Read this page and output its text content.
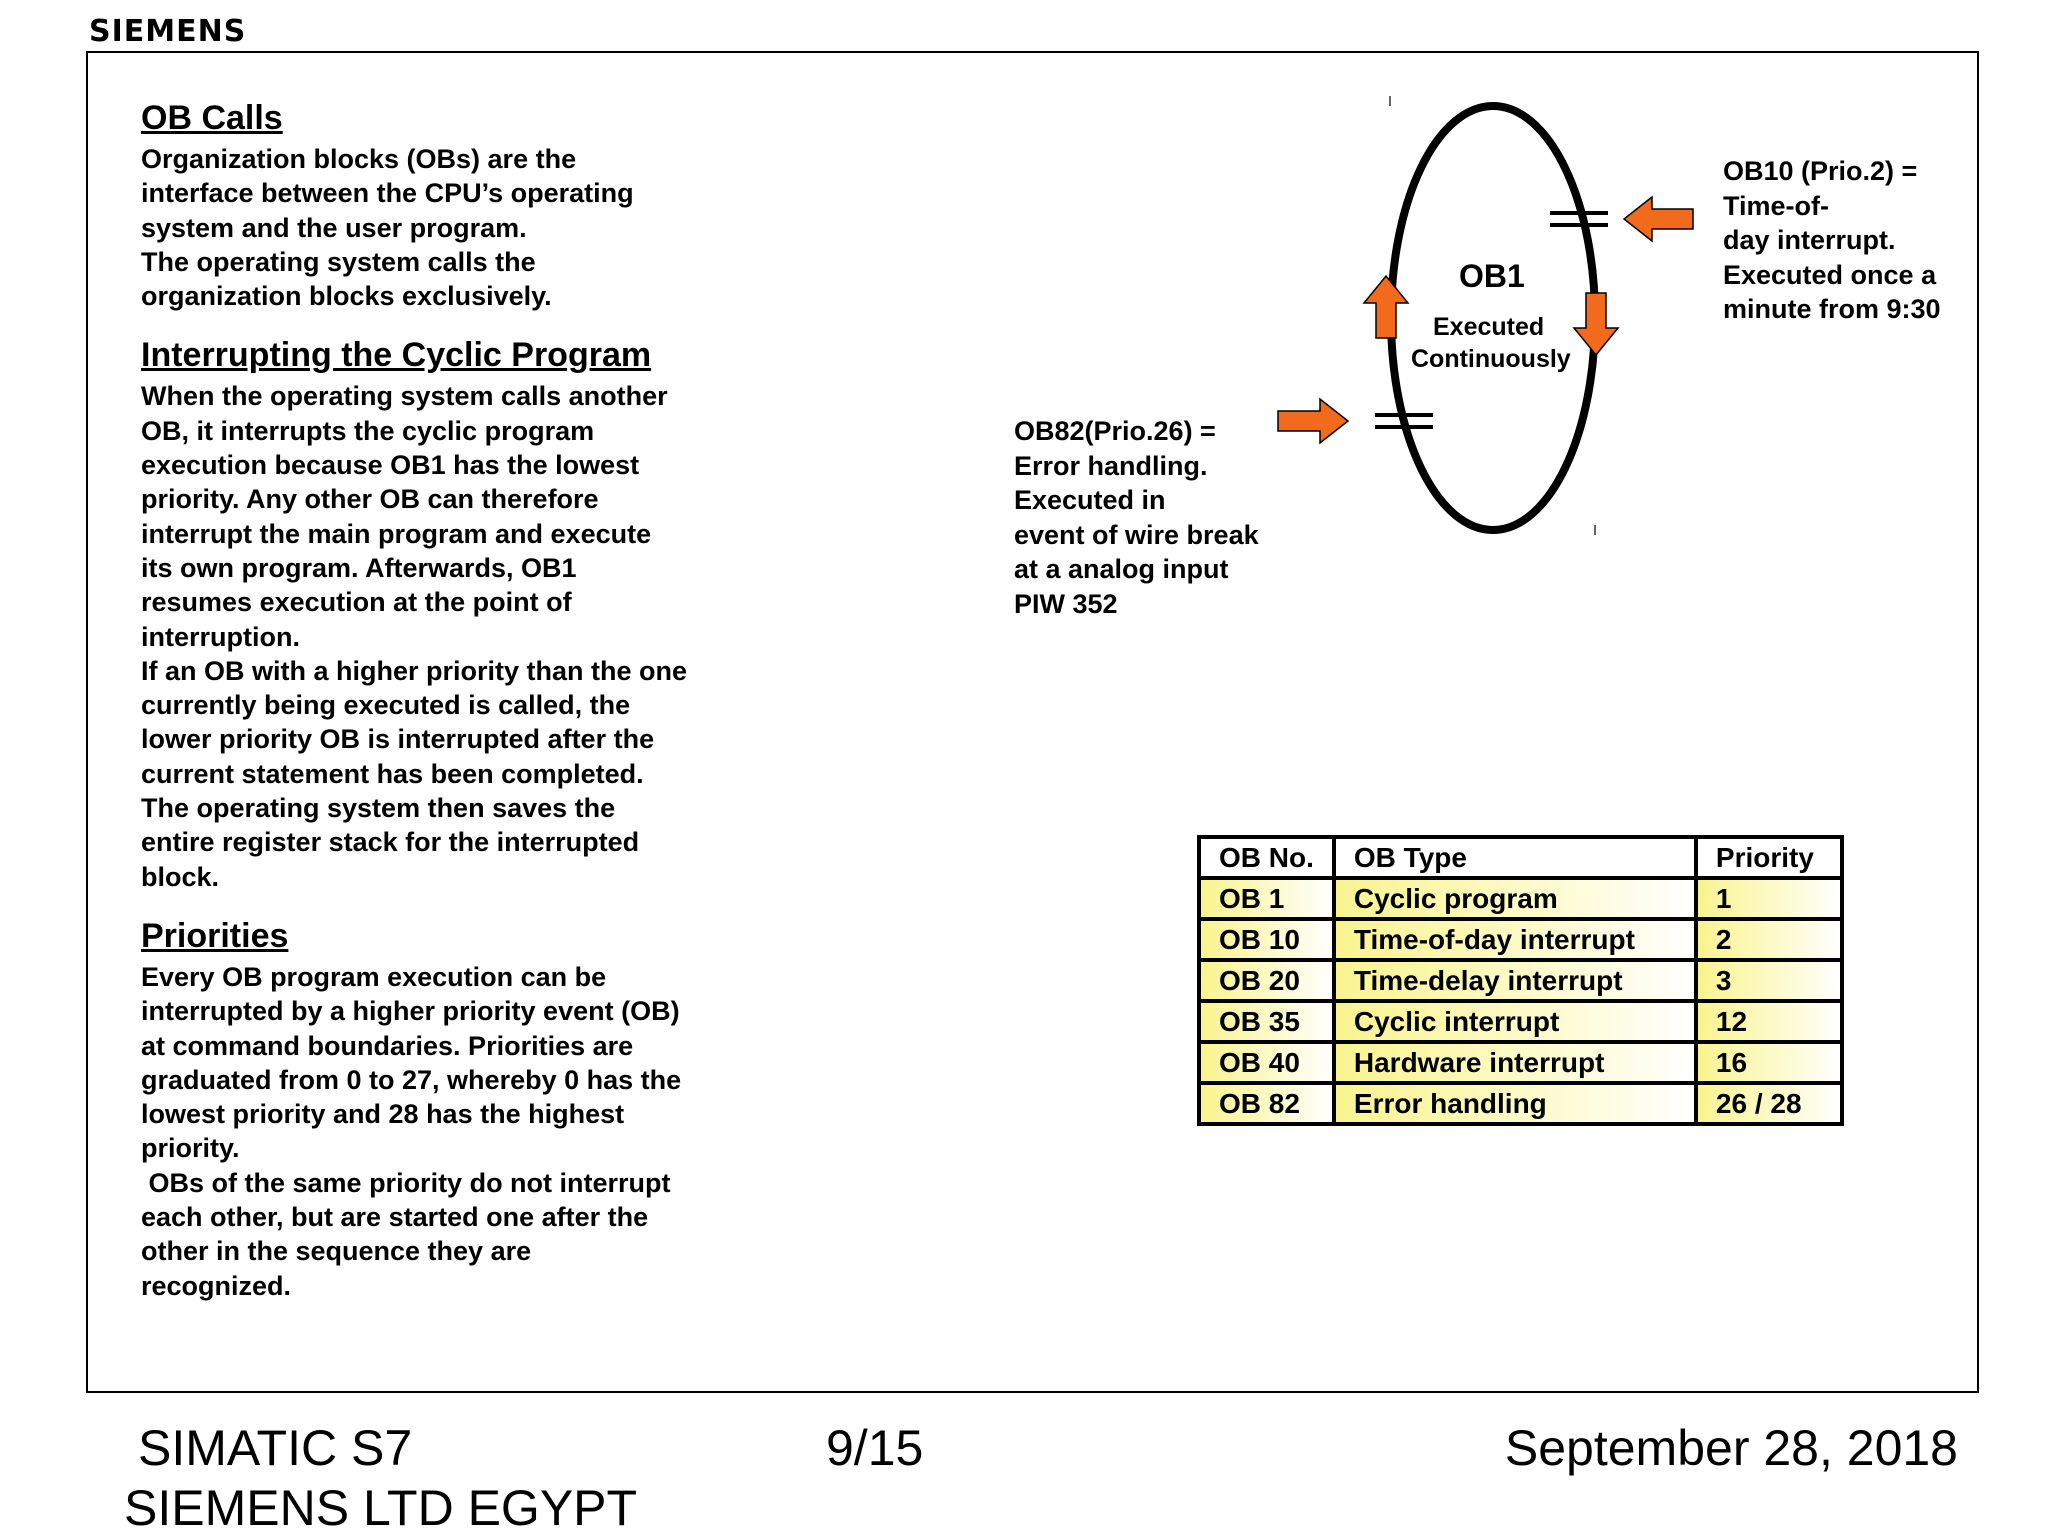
SIEMENS
OB Calls
Organization blocks (OBs) are the
interface between the CPU’s operating
system and the user program.
The operating system calls the
organization blocks exclusively.
Interrupting the Cyclic Program
When the operating system calls another
OB, it interrupts the cyclic program
execution because OB1 has the lowest
priority. Any other OB can therefore
interrupt the main program and execute
its own program. Afterwards, OB1
resumes execution at the point of
interruption.
If an OB with a higher priority than the one
currently being executed is called, the
lower priority OB is interrupted after the
current statement has been completed.
The operating system then saves the
entire register stack for the interrupted
block.
Priorities
Every OB program execution can be
interrupted by a higher priority event (OB)
at command boundaries. Priorities are
graduated from 0 to 27, whereby 0 has the
lowest priority and 28 has the highest
priority.
OBs of the same priority do not interrupt
each other, but are started one after the
other in the sequence they are
recognized.
OB1
Executed
Continuously
OB10 (Prio.2) =
Time-of-
day interrupt.
Executed once a
minute from 9:30
OB82(Prio.26) =
Error handling.
Executed in
event of wire break
at a analog input
PIW 352
OB No.	OB Type	Priority
OB 1	Cyclic program	1
OB 10	Time-of-day interrupt	2
OB 20	Time-delay interrupt	3
OB 35	Cyclic interrupt	12
OB 40	Hardware interrupt	16
OB 82	Error handling	26 / 28
SIMATIC S7
SIEMENS LTD EGYPT
9/15	September 28, 2018
